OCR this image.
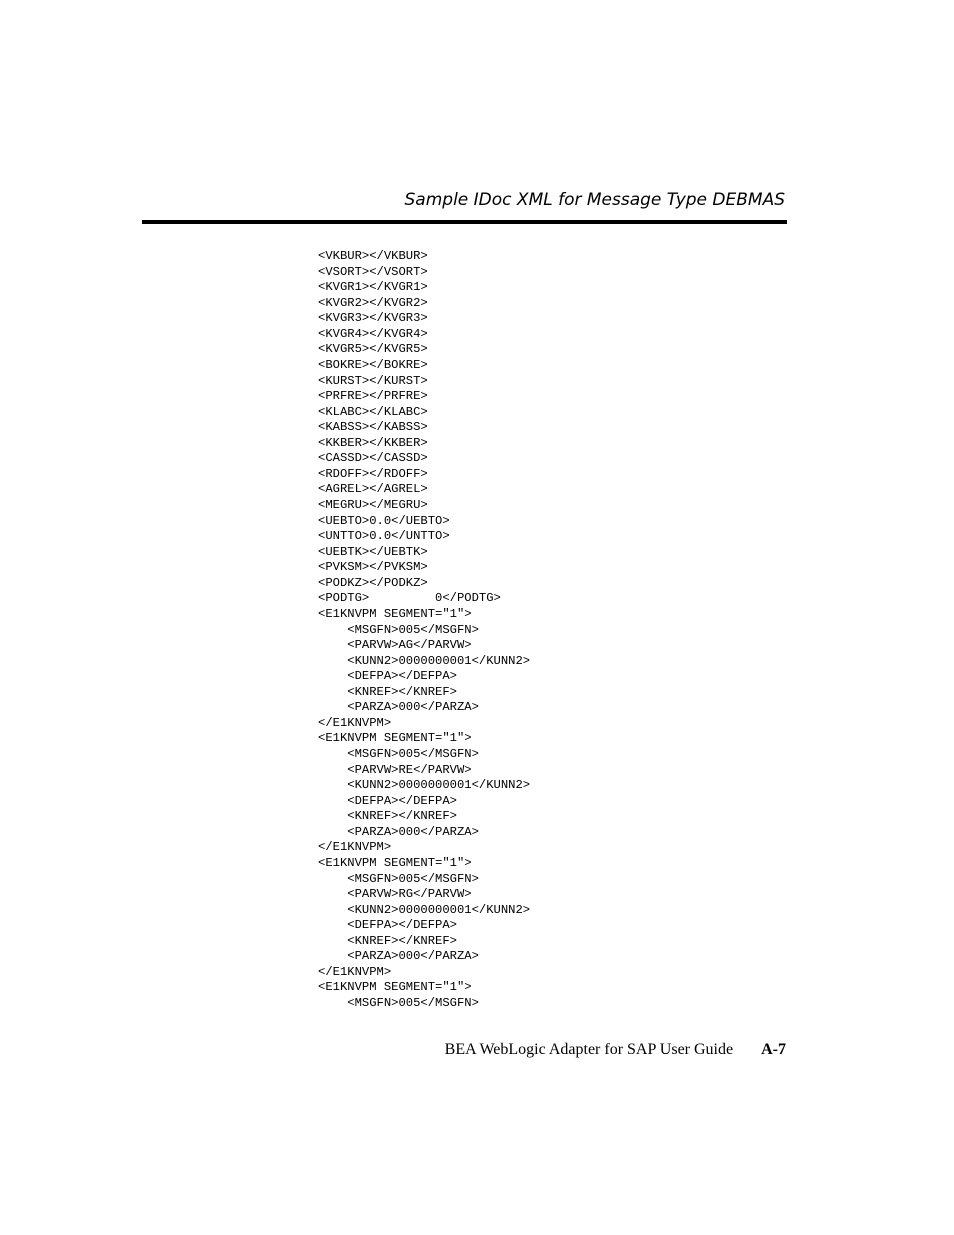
Sample IDoc XML for Message Type DEBMAS
<VKBUR></VKBUR>
<VSORT></VSORT>
<KVGR1></KVGR1>
<KVGR2></KVGR2>
<KVGR3></KVGR3>
<KVGR4></KVGR4>
<KVGR5></KVGR5>
<BOKRE></BOKRE>
<KURST></KURST>
<PRFRE></PRFRE>
<KLABC></KLABC>
<KABSS></KABSS>
<KKBER></KKBER>
<CASSD></CASSD>
<RDOFF></RDOFF>
<AGREL></AGREL>
<MEGRU></MEGRU>
<UEBTO>0.0</UEBTO>
<UNTTO>0.0</UNTTO>
<UEBTK></UEBTK>
<PVKSM></PVKSM>
<PODKZ></PODKZ>
<PODTG>         0</PODTG>
<E1KNVPM SEGMENT="1">
<MSGFN>005</MSGFN>
<PARVW>AG</PARVW>
<KUNN2>0000000001</KUNN2>
<DEFPA></DEFPA>
<KNREF></KNREF>
<PARZA>000</PARZA>
</E1KNVPM>
<E1KNVPM SEGMENT="1">
<MSGFN>005</MSGFN>
<PARVW>RE</PARVW>
<KUNN2>0000000001</KUNN2>
<DEFPA></DEFPA>
<KNREF></KNREF>
<PARZA>000</PARZA>
</E1KNVPM>
<E1KNVPM SEGMENT="1">
<MSGFN>005</MSGFN>
<PARVW>RG</PARVW>
<KUNN2>0000000001</KUNN2>
<DEFPA></DEFPA>
<KNREF></KNREF>
<PARZA>000</PARZA>
</E1KNVPM>
<E1KNVPM SEGMENT="1">
<MSGFN>005</MSGFN>
BEA WebLogic Adapter for SAP User Guide A-7
